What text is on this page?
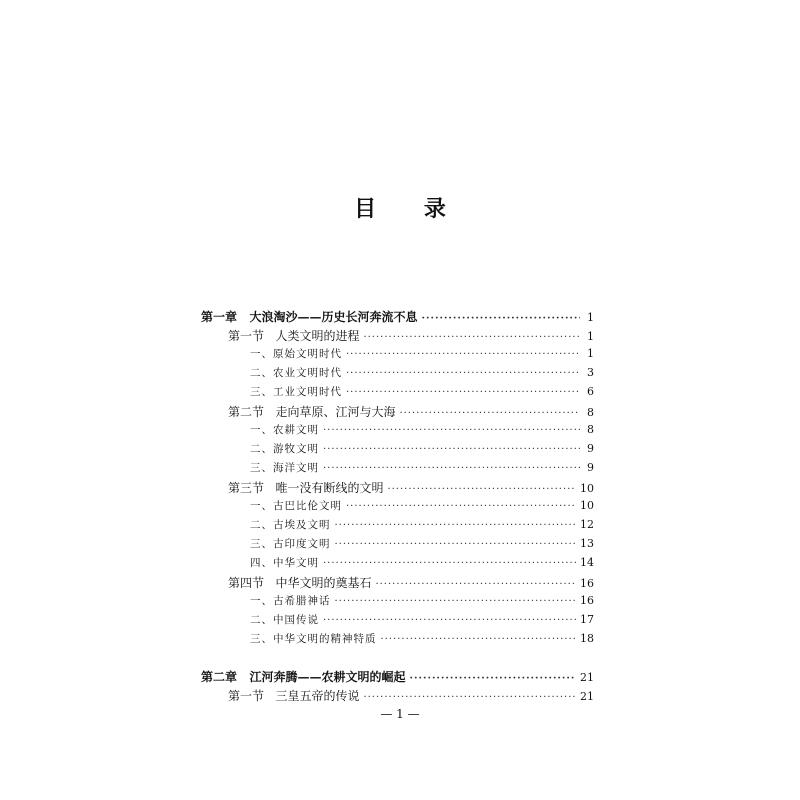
目 录
第一章   大浪淘沙——历史长河奔流不息 ·····	1
第一节   人类文明的进程 ·····	1
一、原始文明时代 ·····	1
二、农业文明时代 ·····	3
三、工业文明时代 ·····	6
第二节   走向草原、江河与大海 ·····	8
一、农耕文明 ·····	8
二、游牧文明 ·····	9
三、海洋文明 ·····	9
第三节   唯一没有断线的文明 ·····	10
一、古巴比伦文明 ·····	10
二、古埃及文明 ·····	12
三、古印度文明 ·····	13
四、中华文明 ·····	14
第四节   中华文明的奠基石 ·····	16
一、古希腊神话 ·····	16
二、中国传说 ·····	17
三、中华文明的精神特质 ·····	18
第二章   江河奔腾——农耕文明的崛起 ·····	21
第一节   三皇五帝的传说 ·····	21
— 1 —
